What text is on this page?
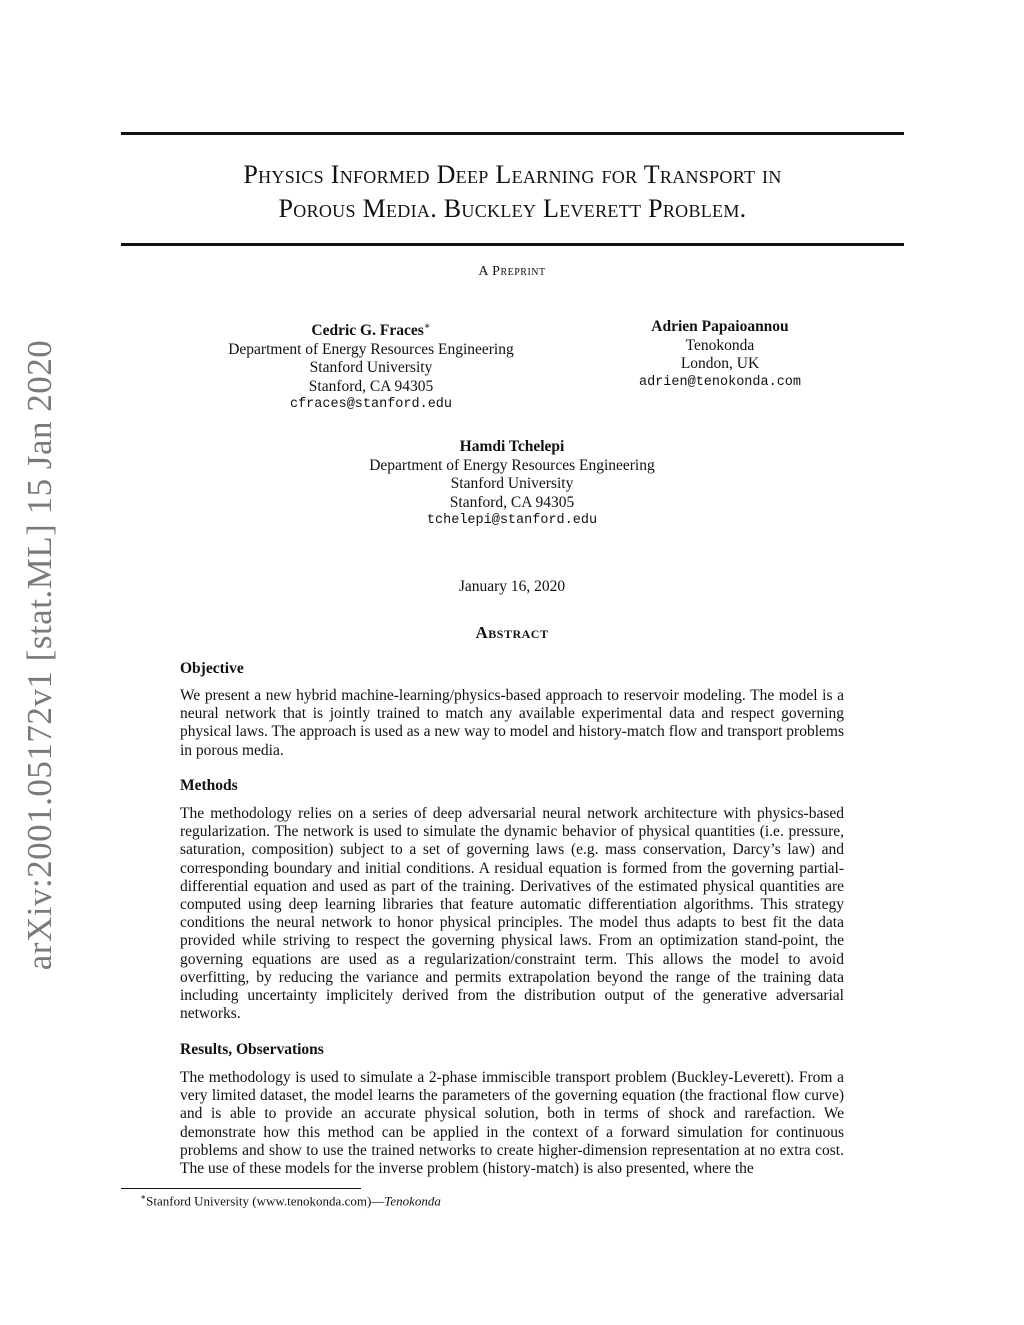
Physics Informed Deep Learning for Transport in
Porous Media. Buckley Leverett Problem.
A Preprint
Cedric G. Fraces∗
Department of Energy Resources Engineering
Stanford University
Stanford, CA 94305
cfraces@stanford.edu
Adrien Papaioannou
Tenokonda
London, UK
adrien@tenokonda.com
Hamdi Tchelepi
Department of Energy Resources Engineering
Stanford University
Stanford, CA 94305
tchelepi@stanford.edu
January 16, 2020
Abstract
Objective

We present a new hybrid machine-learning/physics-based approach to reservoir modeling. The model is a neural network that is jointly trained to match any available experimental data and respect governing physical laws. The approach is used as a new way to model and history-match flow and transport problems in porous media.

Methods

The methodology relies on a series of deep adversarial neural network architecture with physics-based regularization. The network is used to simulate the dynamic behavior of physical quantities (i.e. pressure, saturation, composition) subject to a set of governing laws (e.g. mass conservation, Darcy’s law) and corresponding boundary and initial conditions. A residual equation is formed from the governing partial-differential equation and used as part of the training. Derivatives of the estimated physical quantities are computed using deep learning libraries that feature automatic differentiation algorithms. This strategy conditions the neural network to honor physical principles. The model thus adapts to best fit the data provided while striving to respect the governing physical laws. From an optimization stand-point, the governing equations are used as a regularization/constraint term. This allows the model to avoid overfitting, by reducing the variance and permits extrapolation beyond the range of the training data including uncertainty implicitely derived from the distribution output of the generative adversarial networks.

Results, Observations

The methodology is used to simulate a 2-phase immiscible transport problem (Buckley-Leverett). From a very limited dataset, the model learns the parameters of the governing equation (the fractional flow curve) and is able to provide an accurate physical solution, both in terms of shock and rarefaction. We demonstrate how this method can be applied in the context of a forward simulation for continuous problems and show to use the trained networks to create higher-dimension representation at no extra cost. The use of these models for the inverse problem (history-match) is also presented, where the

∗Stanford University (www.tenokonda.com)—Tenokonda
arXiv:2001.05172v1 [stat.ML] 15 Jan 2020
